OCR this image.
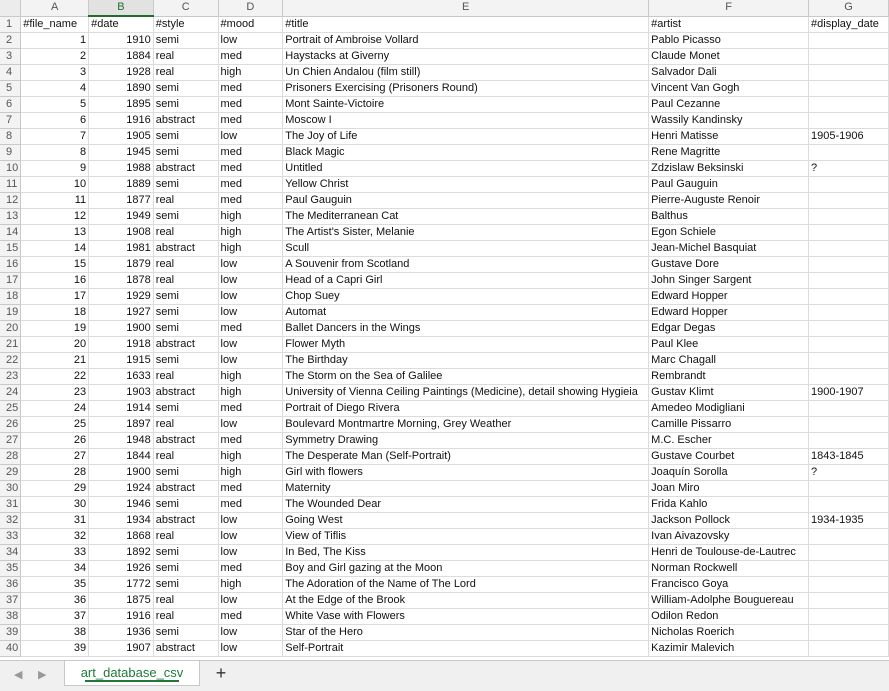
	A	B	C	D	E	F	G
1	#file_name	#date	#style	#mood	#title	#artist	#display_date
2	1	1910	semi	low	Portrait of Ambroise Vollard	Pablo Picasso	
3	2	1884	real	med	Haystacks at Giverny	Claude Monet	
4	3	1928	real	high	Un Chien Andalou (film still)	Salvador Dali	
5	4	1890	semi	med	Prisoners Exercising (Prisoners Round)	Vincent Van Gogh	
6	5	1895	semi	med	Mont Sainte-Victoire	Paul Cezanne	
7	6	1916	abstract	med	Moscow I	Wassily Kandinsky	
8	7	1905	semi	low	The Joy of Life	Henri Matisse	1905-1906
9	8	1945	semi	med	Black Magic	Rene Magritte	
10	9	1988	abstract	med	Untitled	Zdzislaw Beksinski	?
11	10	1889	semi	med	Yellow Christ	Paul Gauguin	
12	11	1877	real	med	Paul Gauguin	Pierre-Auguste Renoir	
13	12	1949	semi	high	The Mediterranean Cat	Balthus	
14	13	1908	real	high	The Artist's Sister, Melanie	Egon Schiele	
15	14	1981	abstract	high	Scull	Jean-Michel Basquiat	
16	15	1879	real	low	A Souvenir from Scotland	Gustave Dore	
17	16	1878	real	low	Head of a Capri Girl	John Singer Sargent	
18	17	1929	semi	low	Chop Suey	Edward Hopper	
19	18	1927	semi	low	Automat	Edward Hopper	
20	19	1900	semi	med	Ballet Dancers in the Wings	Edgar Degas	
21	20	1918	abstract	low	Flower Myth	Paul Klee	
22	21	1915	semi	low	The Birthday	Marc Chagall	
23	22	1633	real	high	The Storm on the Sea of Galilee	Rembrandt	
24	23	1903	abstract	high	University of Vienna Ceiling Paintings (Medicine), detail showing Hygieia	Gustav Klimt	1900-1907
25	24	1914	semi	med	Portrait of Diego Rivera	Amedeo Modigliani	
26	25	1897	real	low	Boulevard Montmartre Morning, Grey Weather	Camille Pissarro	
27	26	1948	abstract	med	Symmetry Drawing	M.C. Escher	
28	27	1844	real	high	The Desperate Man (Self-Portrait)	Gustave Courbet	1843-1845
29	28	1900	semi	high	Girl with flowers	Joaquín Sorolla	?
30	29	1924	abstract	med	Maternity	Joan Miro	
31	30	1946	semi	med	The Wounded Dear	Frida Kahlo	
32	31	1934	abstract	low	Going West	Jackson Pollock	1934-1935
33	32	1868	real	low	View of Tiflis	Ivan Aivazovsky	
34	33	1892	semi	low	In Bed, The Kiss	Henri de Toulouse-de-Lautrec	
35	34	1926	semi	med	Boy and Girl gazing at the Moon	Norman Rockwell	
36	35	1772	semi	high	The Adoration of the Name of The Lord	Francisco Goya	
37	36	1875	real	low	At the Edge of the Brook	William-Adolphe Bouguereau	
38	37	1916	real	med	White Vase with Flowers	Odilon Redon	
39	38	1936	semi	low	Star of the Hero	Nicholas Roerich	
40	39	1907	abstract	low	Self-Portrait	Kazimir Malevich	
◀ ▶	art_database_csv	+
